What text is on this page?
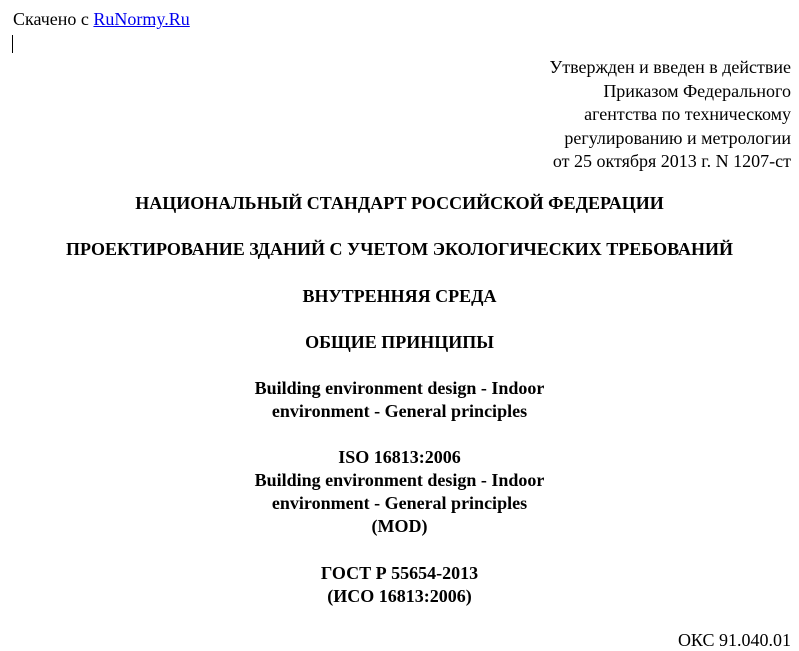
Скачено с RuNormy.Ru
Утвержден и введен в действие
Приказом Федерального
агентства по техническому
регулированию и метрологии
от 25 октября 2013 г. N 1207-ст
НАЦИОНАЛЬНЫЙ СТАНДАРТ РОССИЙСКОЙ ФЕДЕРАЦИИ
ПРОЕКТИРОВАНИЕ ЗДАНИЙ С УЧЕТОМ ЭКОЛОГИЧЕСКИХ ТРЕБОВАНИЙ
ВНУТРЕННЯЯ СРЕДА
ОБЩИЕ ПРИНЦИПЫ
Building environment design - Indoor
environment - General principles
ISO 16813:2006
Building environment design - Indoor
environment - General principles
(MOD)
ГОСТ Р 55654-2013
(ИСО 16813:2006)
ОКС 91.040.01
